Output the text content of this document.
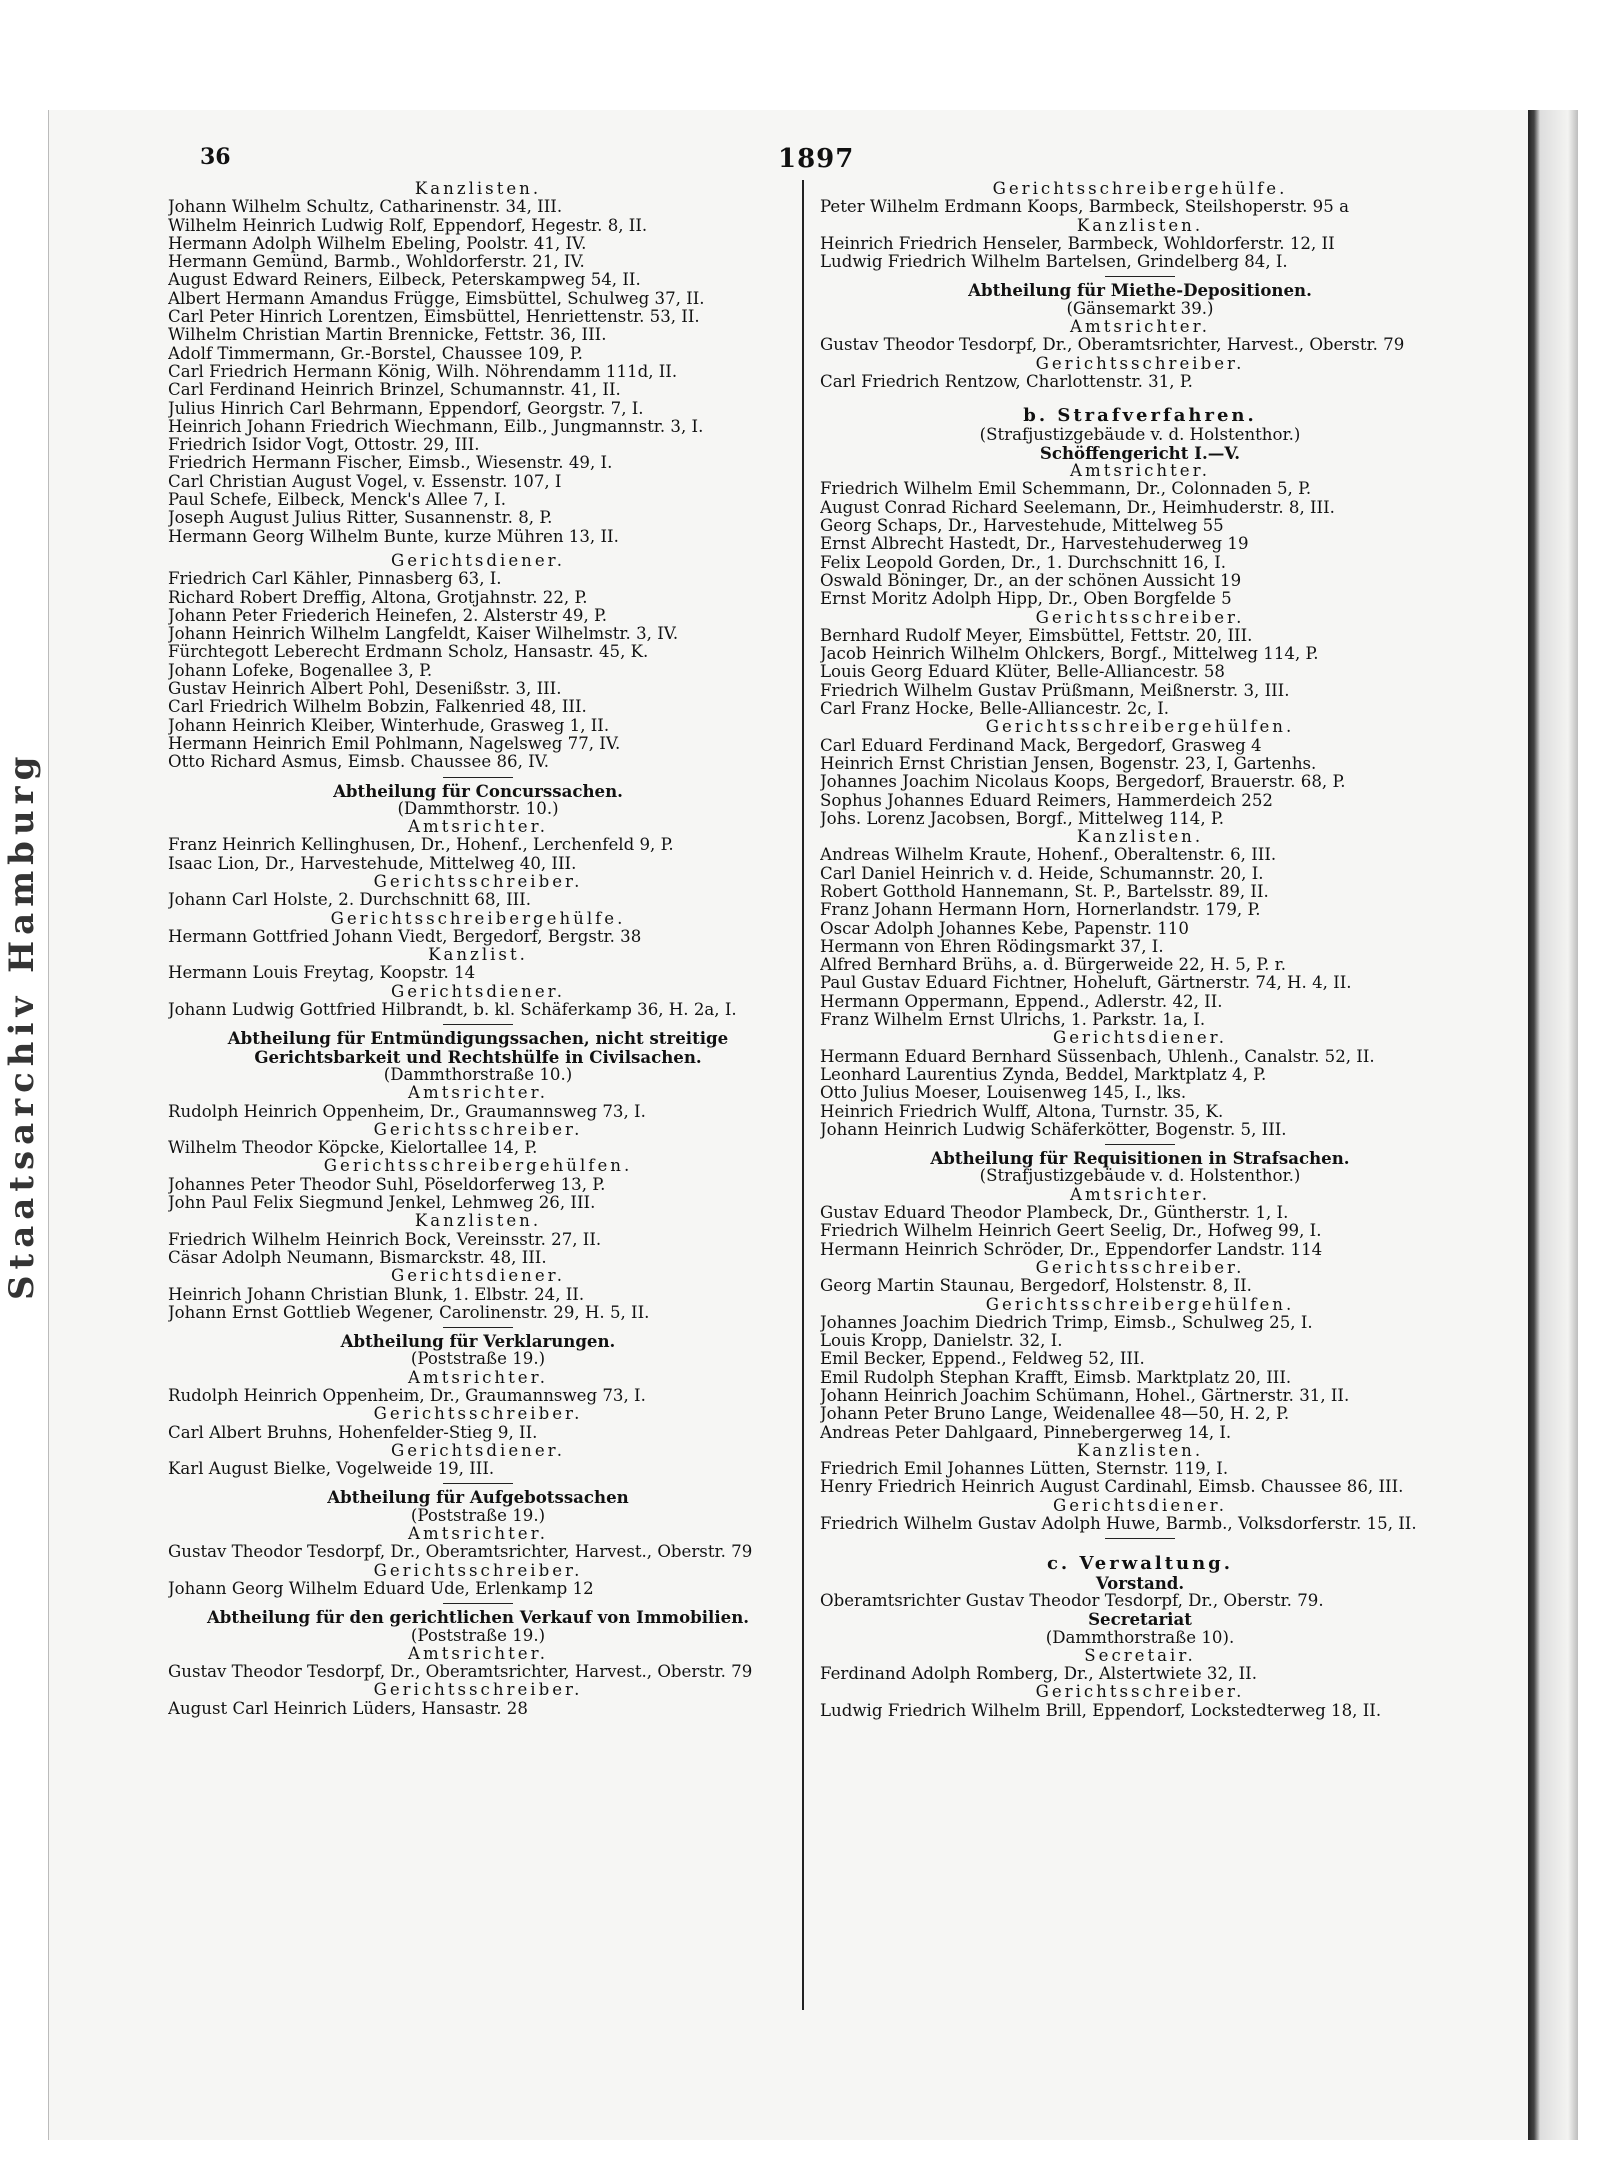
Staatsarchiv Hamburg
36	1897
Kanzlisten.
Johann Wilhelm Schultz, Catharinenstr. 34, III.
Wilhelm Heinrich Ludwig Rolf, Eppendorf, Hegestr. 8, II.
Hermann Adolph Wilhelm Ebeling, Poolstr. 41, IV.
Hermann Gemünd, Barmb., Wohldorferstr. 21, IV.
August Edward Reiners, Eilbeck, Peterskampweg 54, II.
Albert Hermann Amandus Frügge, Eimsbüttel, Schulweg 37, II.
Carl Peter Hinrich Lorentzen, Eimsbüttel, Henriettenstr. 53, II.
Wilhelm Christian Martin Brennicke, Fettstr. 36, III.
Adolf Timmermann, Gr.-Borstel, Chaussee 109, P.
Carl Friedrich Hermann König, Wilh. Nöhrendamm 111d, II.
Carl Ferdinand Heinrich Brinzel, Schumannstr. 41, II.
Julius Hinrich Carl Behrmann, Eppendorf, Georgstr. 7, I.
Heinrich Johann Friedrich Wiechmann, Eilb., Jungmannstr. 3, I.
Friedrich Isidor Vogt, Ottostr. 29, III.
Friedrich Hermann Fischer, Eimsb., Wiesenstr. 49, I.
Carl Christian August Vogel, v. Essenstr. 107, I
Paul Schefe, Eilbeck, Menck's Allee 7, I.
Joseph August Julius Ritter, Susannenstr. 8, P.
Hermann Georg Wilhelm Bunte, kurze Mühren 13, II.
Gerichtsdiener.
Friedrich Carl Kähler, Pinnasberg 63, I.
Richard Robert Dreffig, Altona, Grotjahnstr. 22, P.
Johann Peter Friederich Heinefen, 2. Alsterstr 49, P.
Johann Heinrich Wilhelm Langfeldt, Kaiser Wilhelmstr. 3, IV.
Fürchtegott Leberecht Erdmann Scholz, Hansastr. 45, K.
Johann Lofeke, Bogenallee 3, P.
Gustav Heinrich Albert Pohl, Desenißstr. 3, III.
Carl Friedrich Wilhelm Bobzin, Falkenried 48, III.
Johann Heinrich Kleiber, Winterhude, Grasweg 1, II.
Hermann Heinrich Emil Pohlmann, Nagelsweg 77, IV.
Otto Richard Asmus, Eimsb. Chaussee 86, IV.
Abtheilung für Concurssachen.
(Dammthorstr. 10.)
Amtsrichter.
Franz Heinrich Kellinghusen, Dr., Hohenf., Lerchenfeld 9, P.
Isaac Lion, Dr., Harvestehude, Mittelweg 40, III.
Gerichtsschreiber.
Johann Carl Holste, 2. Durchschnitt 68, III.
Gerichtsschreibergehülfe.
Hermann Gottfried Johann Viedt, Bergedorf, Bergstr. 38
Kanzlist.
Hermann Louis Freytag, Koopstr. 14
Gerichtsdiener.
Johann Ludwig Gottfried Hilbrandt, b. kl. Schäferkamp 36, H. 2a, I.
Abtheilung für Entmündigungssachen, nicht streitige
Gerichtsbarkeit und Rechtshülfe in Civilsachen.
(Dammthorstraße 10.)
Amtsrichter.
Rudolph Heinrich Oppenheim, Dr., Graumannsweg 73, I.
Gerichtsschreiber.
Wilhelm Theodor Köpcke, Kielortallee 14, P.
Gerichtsschreibergehülfen.
Johannes Peter Theodor Suhl, Pöseldorferweg 13, P.
John Paul Felix Siegmund Jenkel, Lehmweg 26, III.
Kanzlisten.
Friedrich Wilhelm Heinrich Bock, Vereinsstr. 27, II.
Cäsar Adolph Neumann, Bismarckstr. 48, III.
Gerichtsdiener.
Heinrich Johann Christian Blunk, 1. Elbstr. 24, II.
Johann Ernst Gottlieb Wegener, Carolinenstr. 29, H. 5, II.
Abtheilung für Verklarungen.
(Poststraße 19.)
Amtsrichter.
Rudolph Heinrich Oppenheim, Dr., Graumannsweg 73, I.
Gerichtsschreiber.
Carl Albert Bruhns, Hohenfelder-Stieg 9, II.
Gerichtsdiener.
Karl August Bielke, Vogelweide 19, III.
Abtheilung für Aufgebotssachen
(Poststraße 19.)
Amtsrichter.
Gustav Theodor Tesdorpf, Dr., Oberamtsrichter, Harvest., Oberstr. 79
Gerichtsschreiber.
Johann Georg Wilhelm Eduard Ude, Erlenkamp 12
Abtheilung für den gerichtlichen Verkauf von Immobilien.
(Poststraße 19.)
Amtsrichter.
Gustav Theodor Tesdorpf, Dr., Oberamtsrichter, Harvest., Oberstr. 79
Gerichtsschreiber.
August Carl Heinrich Lüders, Hansastr. 28
Gerichtsschreibergehülfe.
Peter Wilhelm Erdmann Koops, Barmbeck, Steilshoperstr. 95 a
Kanzlisten.
Heinrich Friedrich Henseler, Barmbeck, Wohldorferstr. 12, II
Ludwig Friedrich Wilhelm Bartelsen, Grindelberg 84, I.
Abtheilung für Miethe-Depositionen.
(Gänsemarkt 39.)
Amtsrichter.
Gustav Theodor Tesdorpf, Dr., Oberamtsrichter, Harvest., Oberstr. 79
Gerichtsschreiber.
Carl Friedrich Rentzow, Charlottenstr. 31, P.
b. Strafverfahren.
(Strafjustizgebäude v. d. Holstenthor.)
Schöffengericht I.—V.
Amtsrichter.
Friedrich Wilhelm Emil Schemmann, Dr., Colonnaden 5, P.
August Conrad Richard Seelemann, Dr., Heimhuderstr. 8, III.
Georg Schaps, Dr., Harvestehude, Mittelweg 55
Ernst Albrecht Hastedt, Dr., Harvestehuderweg 19
Felix Leopold Gorden, Dr., 1. Durchschnitt 16, I.
Oswald Böninger, Dr., an der schönen Aussicht 19
Ernst Moritz Adolph Hipp, Dr., Oben Borgfelde 5
Gerichtsschreiber.
Bernhard Rudolf Meyer, Eimsbüttel, Fettstr. 20, III.
Jacob Heinrich Wilhelm Ohlckers, Borgf., Mittelweg 114, P.
Louis Georg Eduard Klüter, Belle-Alliancestr. 58
Friedrich Wilhelm Gustav Prüßmann, Meißnerstr. 3, III.
Carl Franz Hocke, Belle-Alliancestr. 2c, I.
Gerichtsschreibergehülfen.
Carl Eduard Ferdinand Mack, Bergedorf, Grasweg 4
Heinrich Ernst Christian Jensen, Bogenstr. 23, I, Gartenhs.
Johannes Joachim Nicolaus Koops, Bergedorf, Brauerstr. 68, P.
Sophus Johannes Eduard Reimers, Hammerdeich 252
Johs. Lorenz Jacobsen, Borgf., Mittelweg 114, P.
Kanzlisten.
Andreas Wilhelm Kraute, Hohenf., Oberaltenstr. 6, III.
Carl Daniel Heinrich v. d. Heide, Schumannstr. 20, I.
Robert Gotthold Hannemann, St. P., Bartelsstr. 89, II.
Franz Johann Hermann Horn, Hornerlandstr. 179, P.
Oscar Adolph Johannes Kebe, Papenstr. 110
Hermann von Ehren Rödingsmarkt 37, I.
Alfred Bernhard Brühs, a. d. Bürgerweide 22, H. 5, P. r.
Paul Gustav Eduard Fichtner, Hoheluft, Gärtnerstr. 74, H. 4, II.
Hermann Oppermann, Eppend., Adlerstr. 42, II.
Franz Wilhelm Ernst Ulrichs, 1. Parkstr. 1a, I.
Gerichtsdiener.
Hermann Eduard Bernhard Süssenbach, Uhlenh., Canalstr. 52, II.
Leonhard Laurentius Zynda, Beddel, Marktplatz 4, P.
Otto Julius Moeser, Louisenweg 145, I., lks.
Heinrich Friedrich Wulff, Altona, Turnstr. 35, K.
Johann Heinrich Ludwig Schäferkötter, Bogenstr. 5, III.
Abtheilung für Requisitionen in Strafsachen.
(Strafjustizgebäude v. d. Holstenthor.)
Amtsrichter.
Gustav Eduard Theodor Plambeck, Dr., Güntherstr. 1, I.
Friedrich Wilhelm Heinrich Geert Seelig, Dr., Hofweg 99, I.
Hermann Heinrich Schröder, Dr., Eppendorfer Landstr. 114
Gerichtsschreiber.
Georg Martin Staunau, Bergedorf, Holstenstr. 8, II.
Gerichtsschreibergehülfen.
Johannes Joachim Diedrich Trimp, Eimsb., Schulweg 25, I.
Louis Kropp, Danielstr. 32, I.
Emil Becker, Eppend., Feldweg 52, III.
Emil Rudolph Stephan Krafft, Eimsb. Marktplatz 20, III.
Johann Heinrich Joachim Schümann, Hohel., Gärtnerstr. 31, II.
Johann Peter Bruno Lange, Weidenallee 48—50, H. 2, P.
Andreas Peter Dahlgaard, Pinnebergerweg 14, I.
Kanzlisten.
Friedrich Emil Johannes Lütten, Sternstr. 119, I.
Henry Friedrich Heinrich August Cardinahl, Eimsb. Chaussee 86, III.
Gerichtsdiener.
Friedrich Wilhelm Gustav Adolph Huwe, Barmb., Volksdorferstr. 15, II.
c. Verwaltung.
Vorstand.
Oberamtsrichter Gustav Theodor Tesdorpf, Dr., Oberstr. 79.
Secretariat
(Dammthorstraße 10).
Secretair.
Ferdinand Adolph Romberg, Dr., Alstertwiete 32, II.
Gerichtsschreiber.
Ludwig Friedrich Wilhelm Brill, Eppendorf, Lockstedterweg 18, II.
